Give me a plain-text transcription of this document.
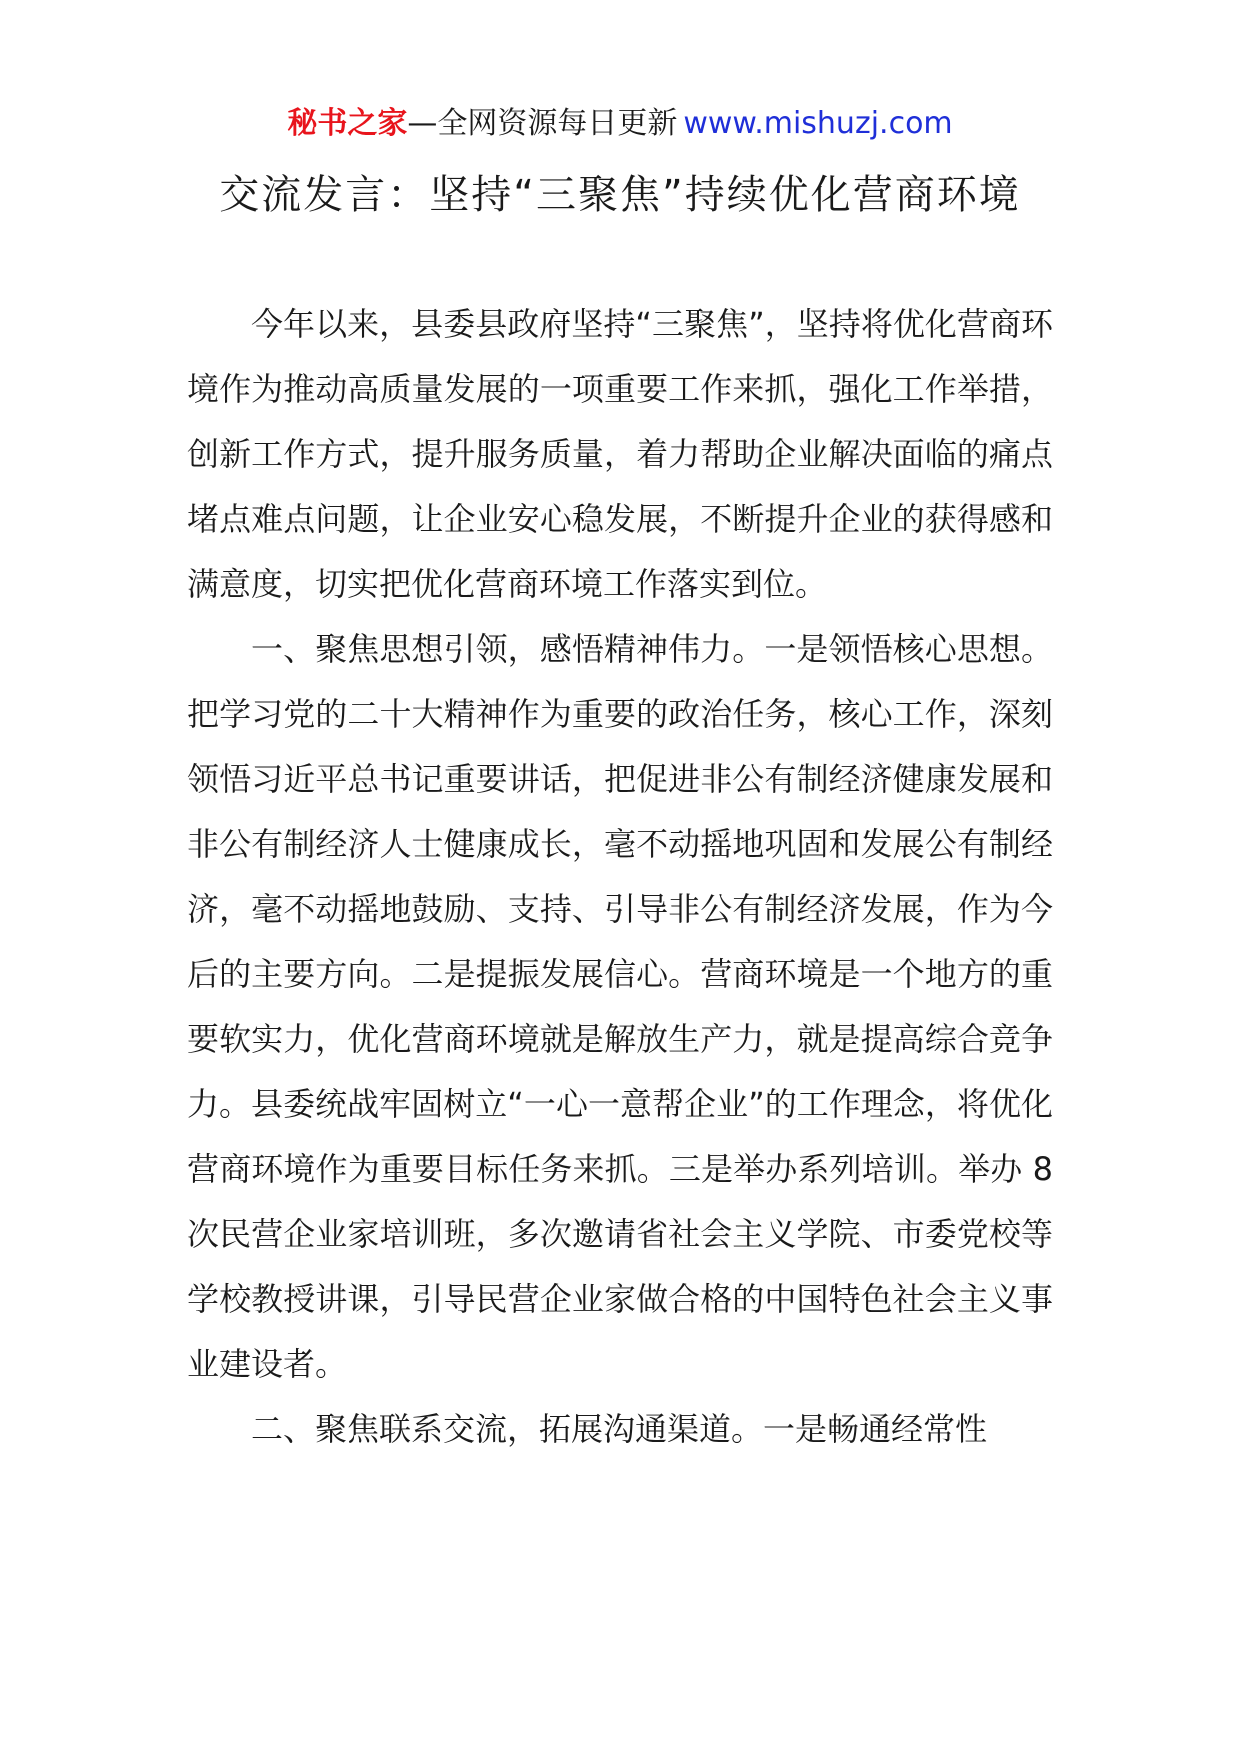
秘书之家—全网资源每日更新 www.mishuzj.com
交流发言：坚持“三聚焦”持续优化营商环境

今年以来，县委县政府坚持“三聚焦”，坚持将优化营商环境作为推动高质量发展的一项重要工作来抓，强化工作举措，创新工作方式，提升服务质量，着力帮助企业解决面临的痛点堵点难点问题，让企业安心稳发展，不断提升企业的获得感和满意度，切实把优化营商环境工作落实到位。

一、聚焦思想引领，感悟精神伟力。一是领悟核心思想。把学习党的二十大精神作为重要的政治任务，核心工作，深刻领悟习近平总书记重要讲话，把促进非公有制经济健康发展和非公有制经济人士健康成长，毫不动摇地巩固和发展公有制经济，毫不动摇地鼓励、支持、引导非公有制经济发展，作为今后的主要方向。二是提振发展信心。营商环境是一个地方的重要软实力，优化营商环境就是解放生产力，就是提高综合竞争力。县委统战牢固树立“一心一意帮企业”的工作理念，将优化营商环境作为重要目标任务来抓。三是举办系列培训。举办 8 次民营企业家培训班，多次邀请省社会主义学院、市委党校等学校教授讲课，引导民营企业家做合格的中国特色社会主义事业建设者。

二、聚焦联系交流，拓展沟通渠道。一是畅通经常性
